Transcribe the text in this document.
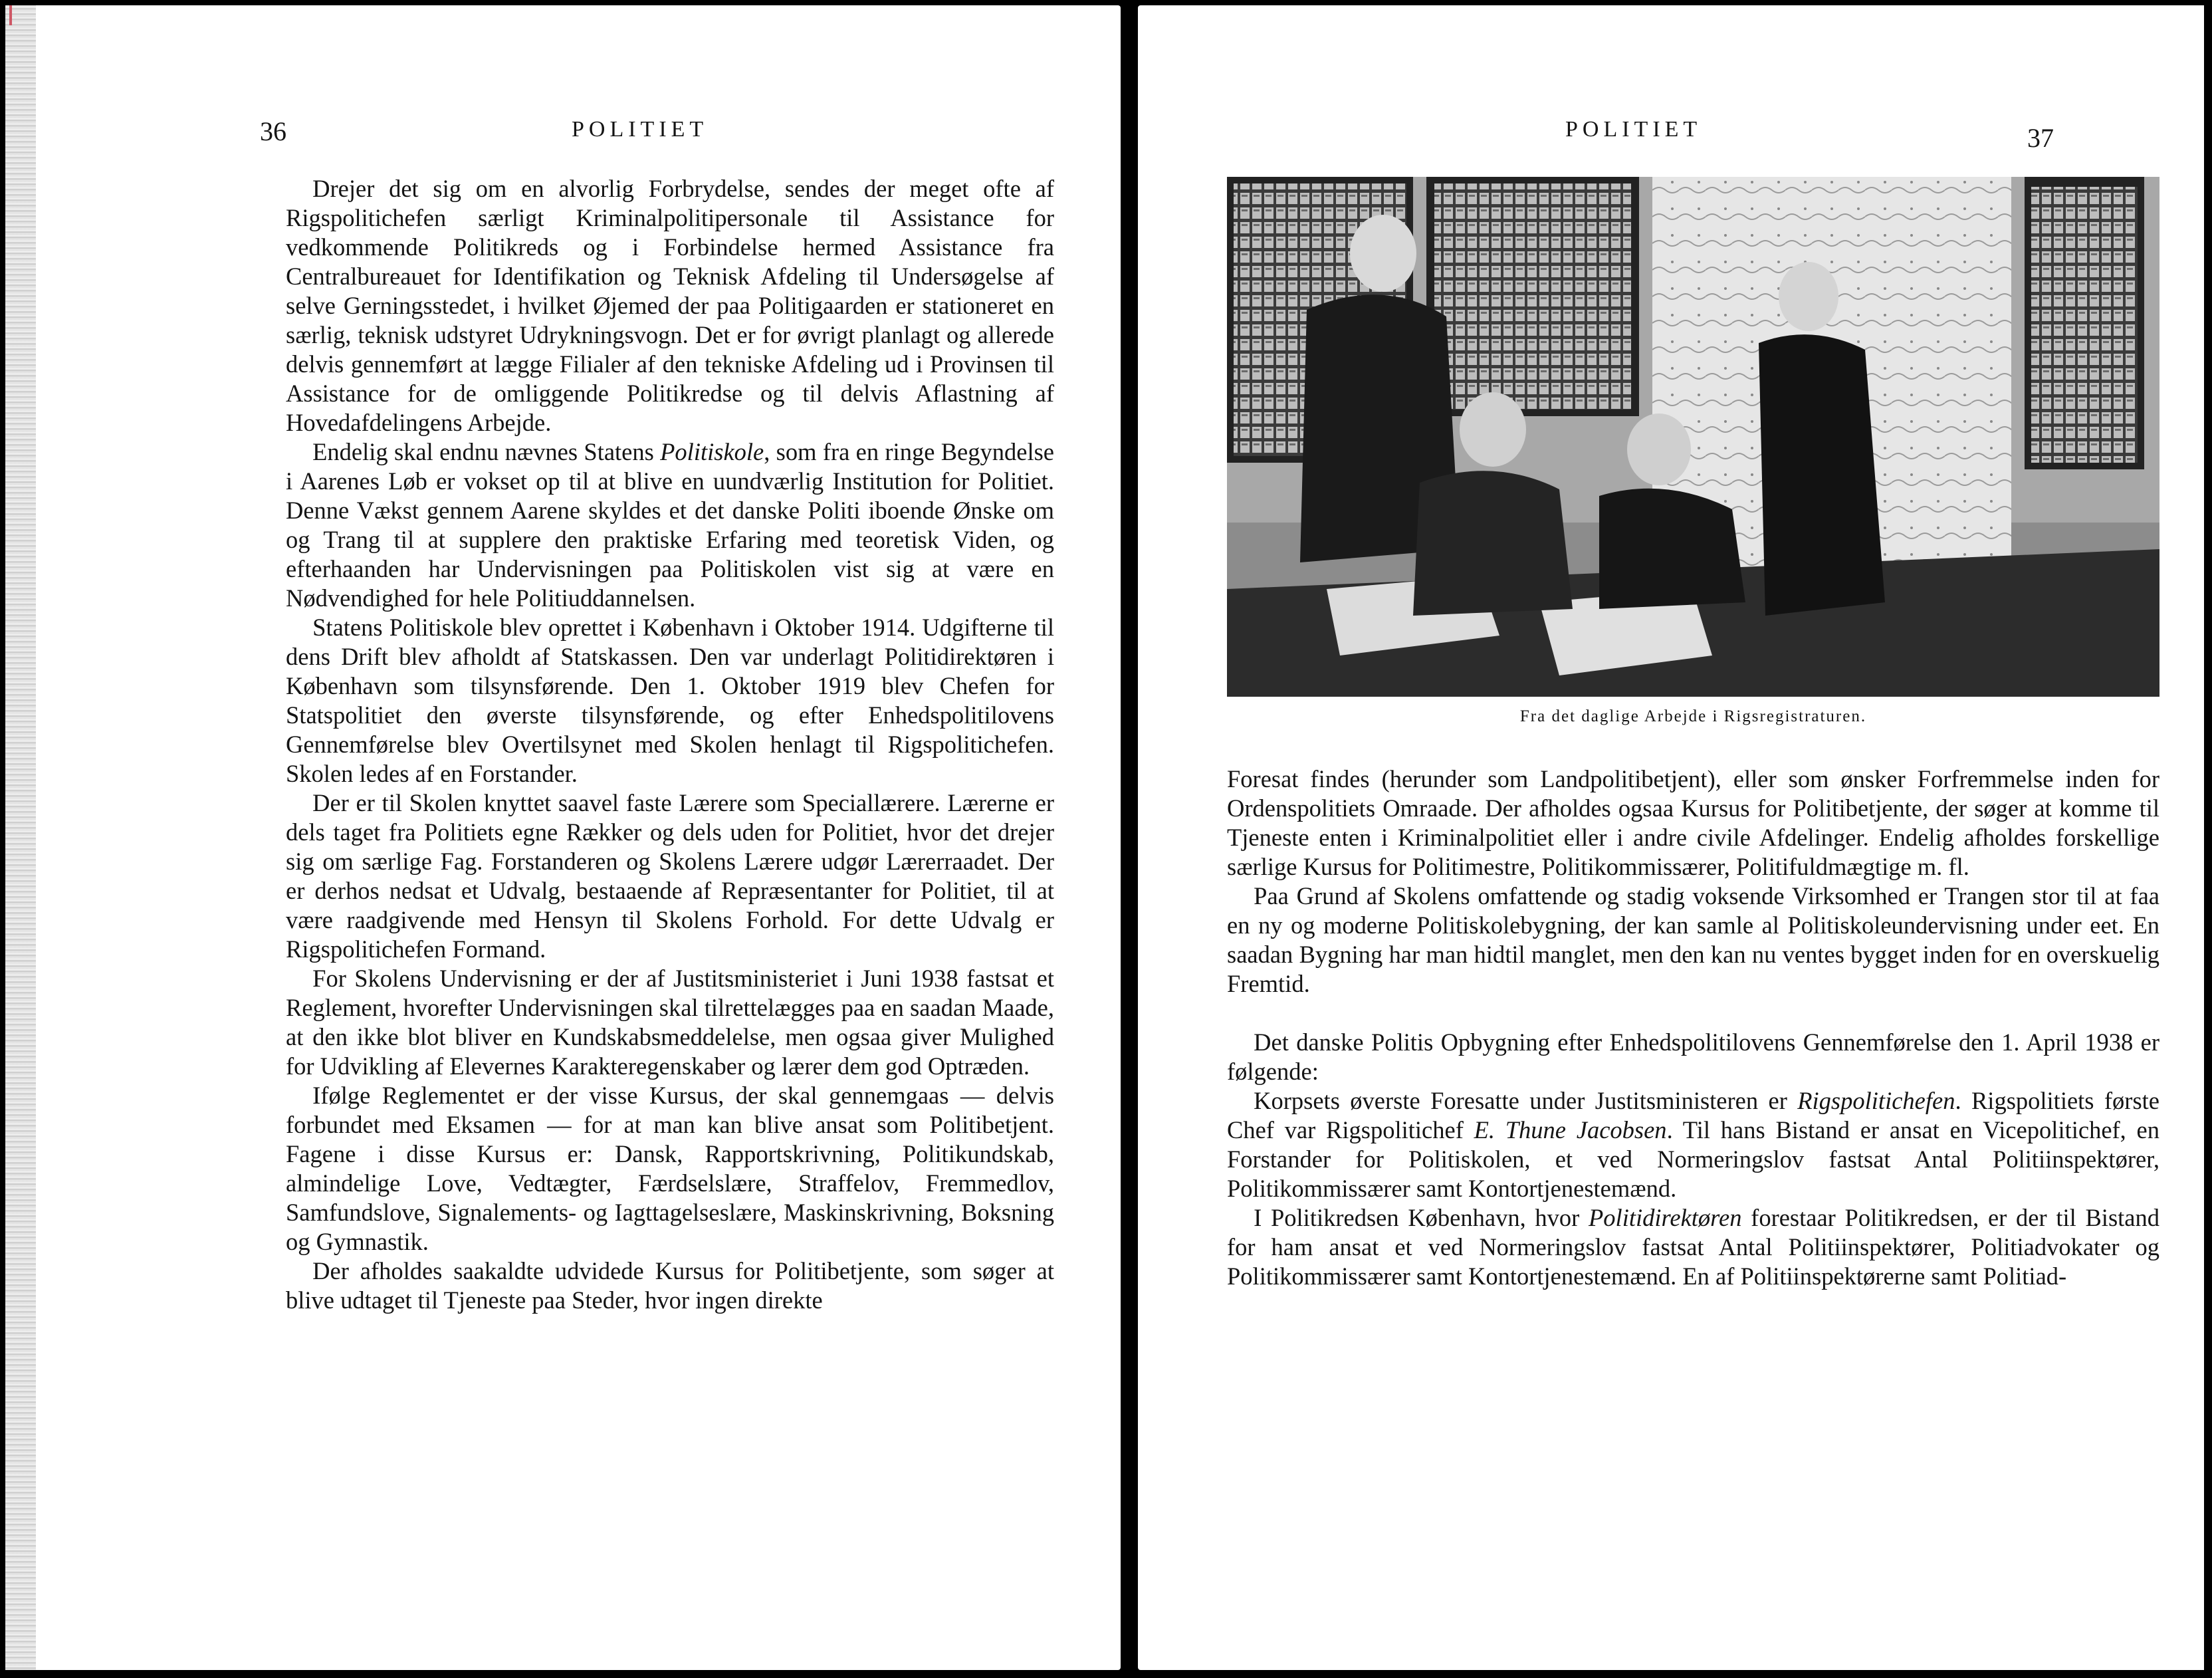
36	POLITIET

Drejer det sig om en alvorlig Forbrydelse, sendes der meget ofte af Rigspolitichefen særligt Kriminalpolitipersonale til Assistance for vedkommende Politikreds og i Forbindelse hermed Assistance fra Centralbureauet for Identifikation og Teknisk Afdeling til Undersøgelse af selve Gerningsstedet, i hvilket Øjemed der paa Politigaarden er stationeret en særlig, teknisk udstyret Udrykningsvogn. Det er for øvrigt planlagt og allerede delvis gennemført at lægge Filialer af den tekniske Afdeling ud i Provinsen til Assistance for de omliggende Politikredse og til delvis Aflastning af Hovedafdelingens Arbejde.

Endelig skal endnu nævnes Statens Politiskole, som fra en ringe Begyndelse i Aarenes Løb er vokset op til at blive en uundværlig Institution for Politiet. Denne Vækst gennem Aarene skyldes et det danske Politi iboende Ønske om og Trang til at supplere den praktiske Erfaring med teoretisk Viden, og efterhaanden har Undervisningen paa Politiskolen vist sig at være en Nødvendighed for hele Politiuddannelsen.

Statens Politiskole blev oprettet i København i Oktober 1914. Udgifterne til dens Drift blev afholdt af Statskassen. Den var underlagt Politidirektøren i København som tilsynsførende. Den 1. Oktober 1919 blev Chefen for Statspolitiet den øverste tilsynsførende, og efter Enhedspolitilovens Gennemførelse blev Overtilsynet med Skolen henlagt til Rigspolitichefen. Skolen ledes af en Forstander.

Der er til Skolen knyttet saavel faste Lærere som Speciallærere. Lærerne er dels taget fra Politiets egne Rækker og dels uden for Politiet, hvor det drejer sig om særlige Fag. Forstanderen og Skolens Lærere udgør Lærerraadet. Der er derhos nedsat et Udvalg, bestaaende af Repræsentanter for Politiet, til at være raadgivende med Hensyn til Skolens Forhold. For dette Udvalg er Rigspolitichefen Formand.

For Skolens Undervisning er der af Justitsministeriet i Juni 1938 fastsat et Reglement, hvorefter Undervisningen skal tilrettelægges paa en saadan Maade, at den ikke blot bliver en Kundskabsmeddelelse, men ogsaa giver Mulighed for Udvikling af Elevernes Karakteregenskaber og lærer dem god Optræden.

Ifølge Reglementet er der visse Kursus, der skal gennemgaas — delvis forbundet med Eksamen — for at man kan blive ansat som Politibetjent. Fagene i disse Kursus er: Dansk, Rapportskrivning, Politikundskab, almindelige Love, Vedtægter, Færdselslære, Straffelov, Fremmedlov, Samfundslove, Signalements- og Iagttagelseslære, Maskinskrivning, Boksning og Gymnastik.

Der afholdes saakaldte udvidede Kursus for Politibetjente, som søger at blive udtaget til Tjeneste paa Steder, hvor ingen direkte

POLITIET	37
Fra det daglige Arbejde i Rigsregistraturen.

Foresat findes (herunder som Landpolitibetjent), eller som ønsker Forfremmelse inden for Ordenspolitiets Omraade. Der afholdes ogsaa Kursus for Politibetjente, der søger at komme til Tjeneste enten i Kriminalpolitiet eller i andre civile Afdelinger. Endelig afholdes forskellige særlige Kursus for Politimestre, Politikommissærer, Politifuldmægtige m. fl.

Paa Grund af Skolens omfattende og stadig voksende Virksomhed er Trangen stor til at faa en ny og moderne Politiskolebygning, der kan samle al Politiskoleundervisning under eet. En saadan Bygning har man hidtil manglet, men den kan nu ventes bygget inden for en overskuelig Fremtid.

Det danske Politis Opbygning efter Enhedspolitilovens Gennemførelse den 1. April 1938 er følgende:

Korpsets øverste Foresatte under Justitsministeren er Rigspolitichefen. Rigspolitiets første Chef var Rigspolitichef E. Thune Jacobsen. Til hans Bistand er ansat en Vicepolitichef, en Forstander for Politiskolen, et ved Normeringslov fastsat Antal Politiinspektører, Politikommissærer samt Kontortjenestemænd.

I Politikredsen København, hvor Politidirektøren forestaar Politikredsen, er der til Bistand for ham ansat et ved Normeringslov fastsat Antal Politiinspektører, Politiadvokater og Politikommissærer samt Kontortjenestemænd. En af Politiinspektørerne samt Politiad-
